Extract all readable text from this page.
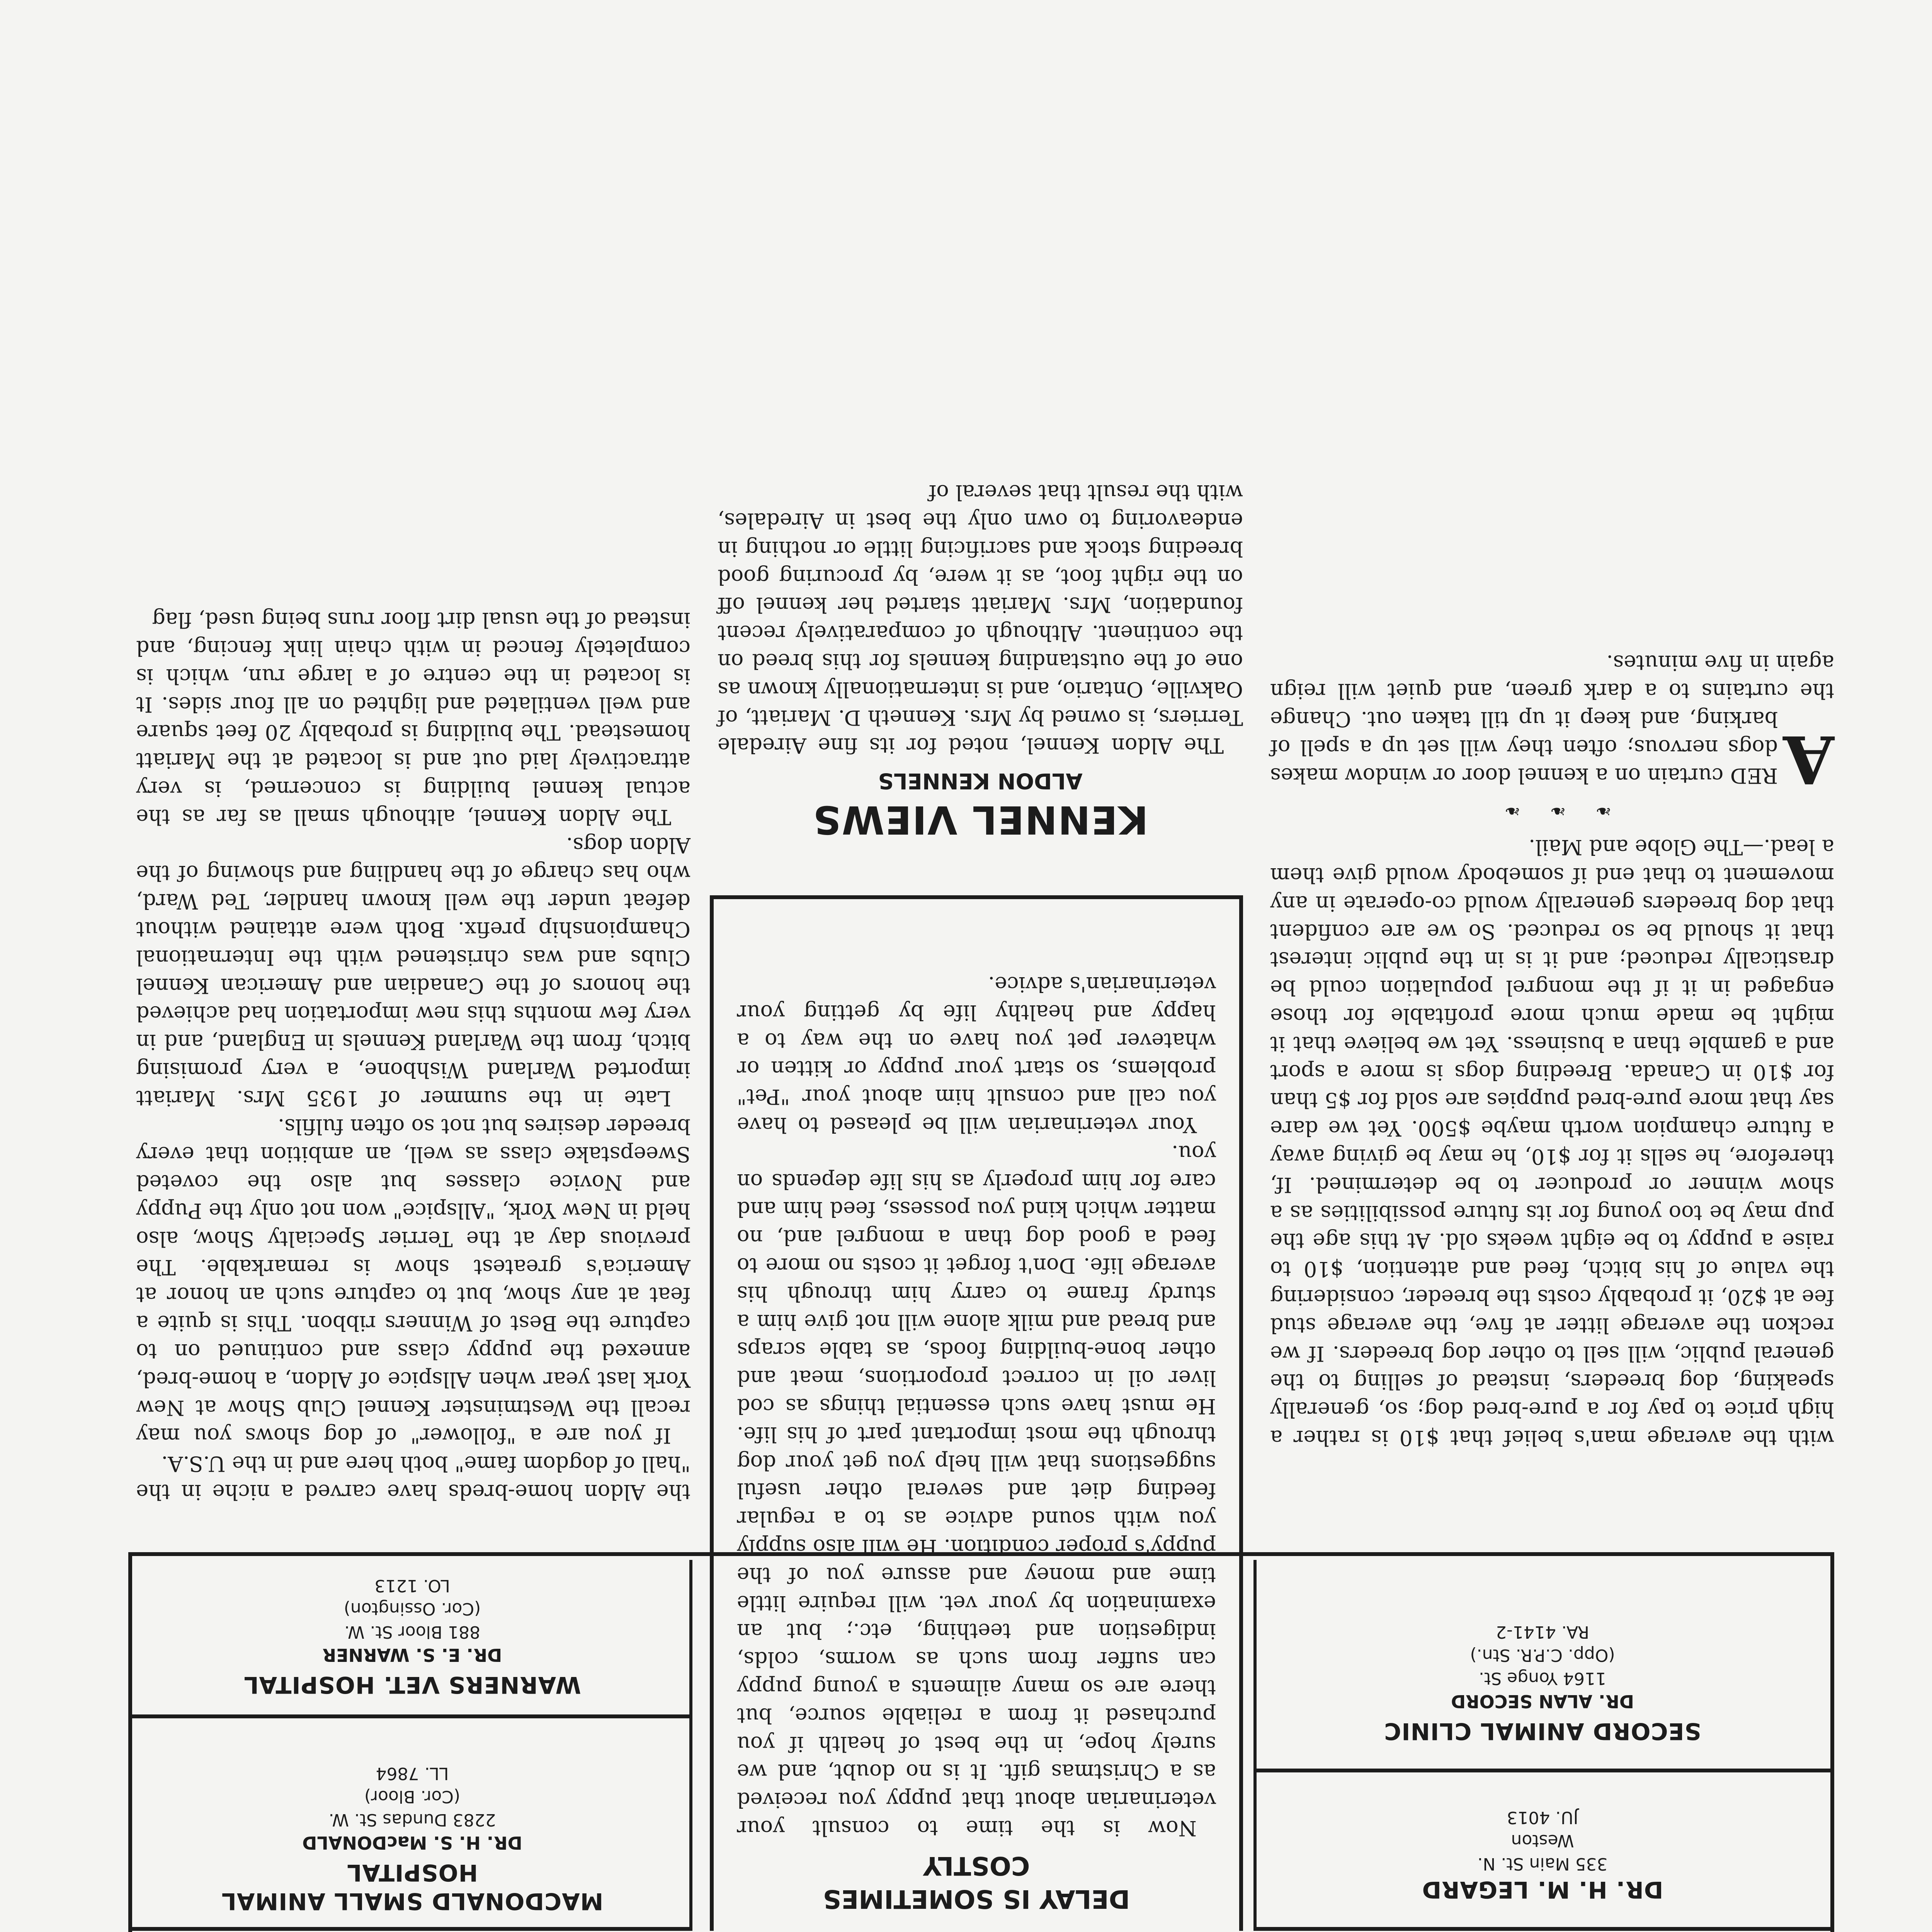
DR. H. M. LEGARD
335 Main St. N.
Weston
JU. 4013
SECORD ANIMAL CLINIC
DR. ALAN SECORD
1164 Yonge St.
(Opp. C.P.R. Stn.)
RA. 4141-2
MACDONALD SMALL ANIMAL
HOSPITAL
DR. H. S. MacDONALD
2283 Dundas St. W.
(Cor. Bloor)
LL. 7864
WARNERS VET. HOSPITAL
DR. E. S. WARNER
881 Bloor St. W.
(Cor. Ossington)
LO. 1213
DELAY IS SOMETIMES
COSTLY

Now is the time to consult your veterinarian about that puppy you received as a Christmas gift. It is no doubt, and we surely hope, in the best of health if you purchased it from a reliable source, but there are so many ailments a young puppy can suffer from such as worms, colds, indigestion and teething, etc.; but an examination by your vet. will require little time and money and assure you of the puppy's proper condition. He will also supply you with sound advice as to a regular feeding diet and several other useful suggestions that will help you get your dog through the most important part of his life. He must have such essential things as cod liver oil in correct proportions, meat and other bone-building foods, as table scraps and bread and milk alone will not give him a sturdy frame to carry him through his average life. Don't forget it costs no more to feed a good dog than a mongrel and, no matter which kind you possess, feed him and care for him properly as his life depends on you.

Your veterinarian will be pleased to have you call and consult him about your "Pet" problems, so start your puppy or kitten or whatever pet you have on the way to a happy and healthy life by getting your veterinarian's advice.

with the average man's belief that $10 is rather a high price to pay for a pure-bred dog; so, generally speaking, dog breeders, instead of selling to the general public, will sell to other dog breeders. If we reckon the average litter at five, the average stud fee at $20, it probably costs the breeder, considering the value of his bitch, feed and attention, $10 to raise a puppy to be eight weeks old. At this age the pup may be too young for its future possibilities as a show winner or producer to be determined. If, therefore, he sells it for $10, he may be giving away a future champion worth maybe $500. Yet we dare say that more pure-bred puppies are sold for $5 than for $10 in Canada. Breeding dogs is more a sport and a gamble than a business. Yet we believe that it might be made much more profitable for those engaged in it if the mongrel population could be drastically reduced; and it is in the public interest that it should be so reduced. So we are confident that dog breeders generally would co-operate in any movement to that end if somebody would give them a lead.—The Globe and Mail.

❧ ❧ ❧

A
RED curtain on a kennel door or window makes dogs nervous; often they will set up a spell of barking, and keep it up till taken out. Change the curtains to a dark green, and quiet will reign again in five minutes.

KENNEL VIEWS
ALDON KENNELS

The Aldon Kennel, noted for its fine Airedale Terriers, is owned by Mrs. Kenneth D. Mariatt, of Oakville, Ontario, and is internationally known as one of the outstanding kennels for this breed on the continent. Although of comparatively recent foundation, Mrs. Mariatt started her kennel off on the right foot, as it were, by procuring good breeding stock and sacrificing little or nothing in endeavoring to own only the best in Airedales, with the result that several of

the Aldon home-breds have carved a niche in the "hall of dogdom fame" both here and in the U.S.A.

If you are a "follower" of dog shows you may recall the Westminster Kennel Club Show at New York last year when Allspice of Aldon, a home-bred, annexed the puppy class and continued on to capture the Best of Winners ribbon. This is quite a feat at any show, but to capture such an honor at America's greatest show is remarkable. The previous day at the Terrier Specialty Show, also held in New York, "Allspice" won not only the Puppy and Novice classes but also the coveted Sweepstake class as well, an ambition that every breeder desires but not so often fulfils.

Late in the summer of 1935 Mrs. Mariatt imported Warland Wishbone, a very promising bitch, from the Warland Kennels in England, and in very few months this new importation had achieved the honors of the Canadian and American Kennel Clubs and was christened with the International Championship prefix. Both were attained without defeat under the well known handler, Ted Ward, who has charge of the handling and showing of the Aldon dogs.

The Aldon Kennel, although small as far as the actual kennel building is concerned, is very attractively laid out and is located at the Mariatt homestead. The building is probably 20 feet square and well ventilated and lighted on all four sides. It is located in the centre of a large run, which is completely fenced in with chain link fencing, and instead of the usual dirt floor runs being used, flag
